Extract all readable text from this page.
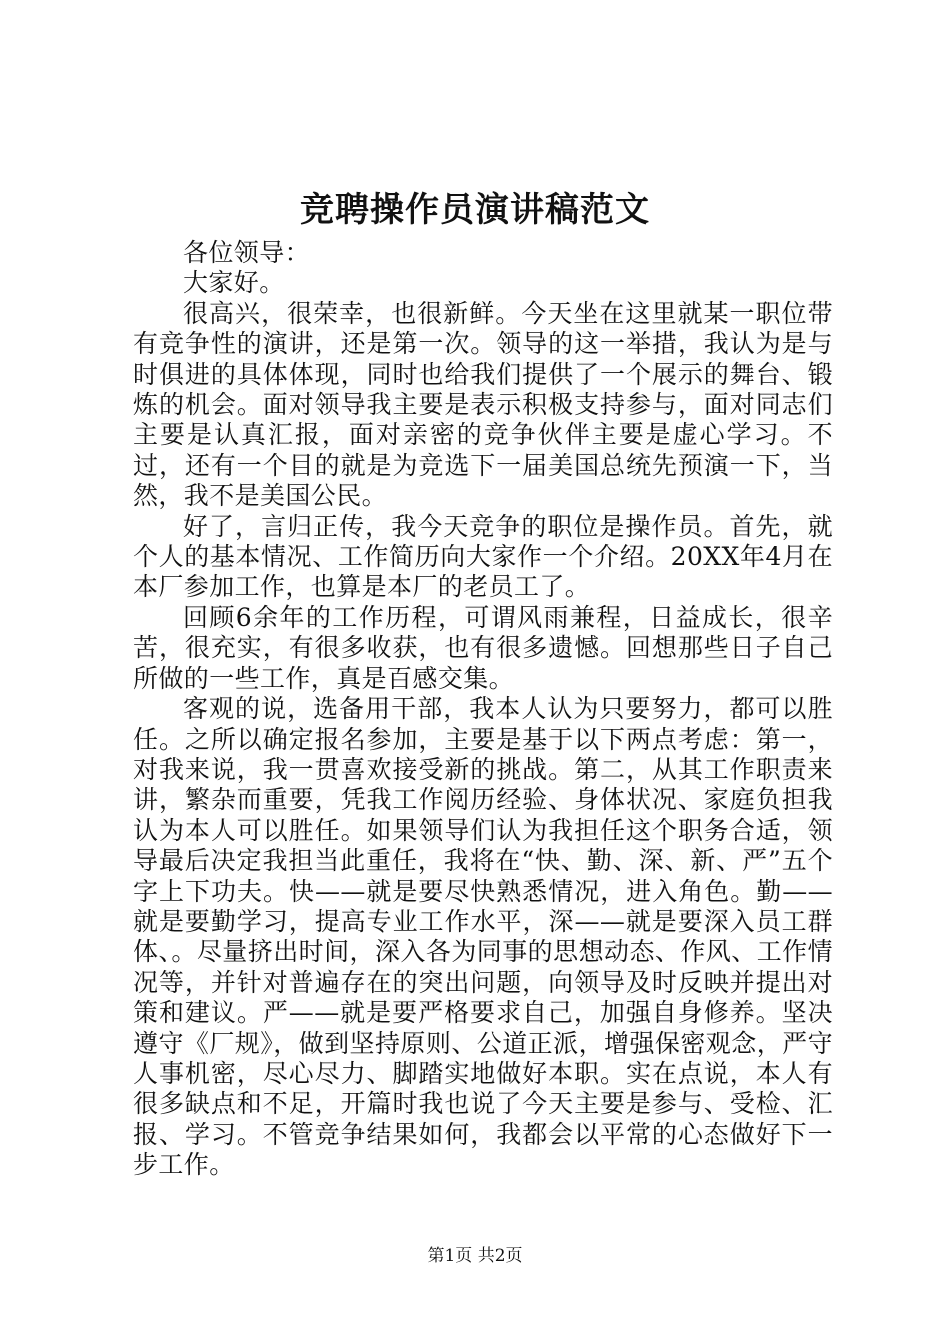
竞聘操作员演讲稿范文

各位领导：

大家好。

很高兴，很荣幸，也很新鲜。今天坐在这里就某一职位带有竞争性的演讲，还是第一次。领导的这一举措，我认为是与时俱进的具体体现，同时也给我们提供了一个展示的舞台、锻炼的机会。面对领导我主要是表示积极支持参与，面对同志们主要是认真汇报，面对亲密的竞争伙伴主要是虚心学习。不过，还有一个目的就是为竞选下一届美国总统先预演一下，当然，我不是美国公民。

好了，言归正传，我今天竞争的职位是操作员。首先，就个人的基本情况、工作简历向大家作一个介绍。20XX年4月在本厂参加工作，也算是本厂的老员工了。

回顾6余年的工作历程，可谓风雨兼程，日益成长，很辛苦，很充实，有很多收获，也有很多遗憾。回想那些日子自己所做的一些工作，真是百感交集。

客观的说，选备用干部，我本人认为只要努力，都可以胜任。之所以确定报名参加，主要是基于以下两点考虑：第一，对我来说，我一贯喜欢接受新的挑战。第二，从其工作职责来讲，繁杂而重要，凭我工作阅历经验、身体状况、家庭负担我认为本人可以胜任。如果领导们认为我担任这个职务合适，领导最后决定我担当此重任，我将在“快、勤、深、新、严”五个字上下功夫。快——就是要尽快熟悉情况，进入角色。勤——就是要勤学习，提高专业工作水平，深——就是要深入员工群体、。尽量挤出时间，深入各为同事的思想动态、作风、工作情况等，并针对普遍存在的突出问题，向领导及时反映并提出对策和建议。严——就是要严格要求自己，加强自身修养。坚决遵守《厂规》，做到坚持原则、公道正派，增强保密观念，严守人事机密，尽心尽力、脚踏实地做好本职。实在点说，本人有很多缺点和不足，开篇时我也说了今天主要是参与、受检、汇报、学习。不管竞争结果如何，我都会以平常的心态做好下一步工作。

第1页 共2页
